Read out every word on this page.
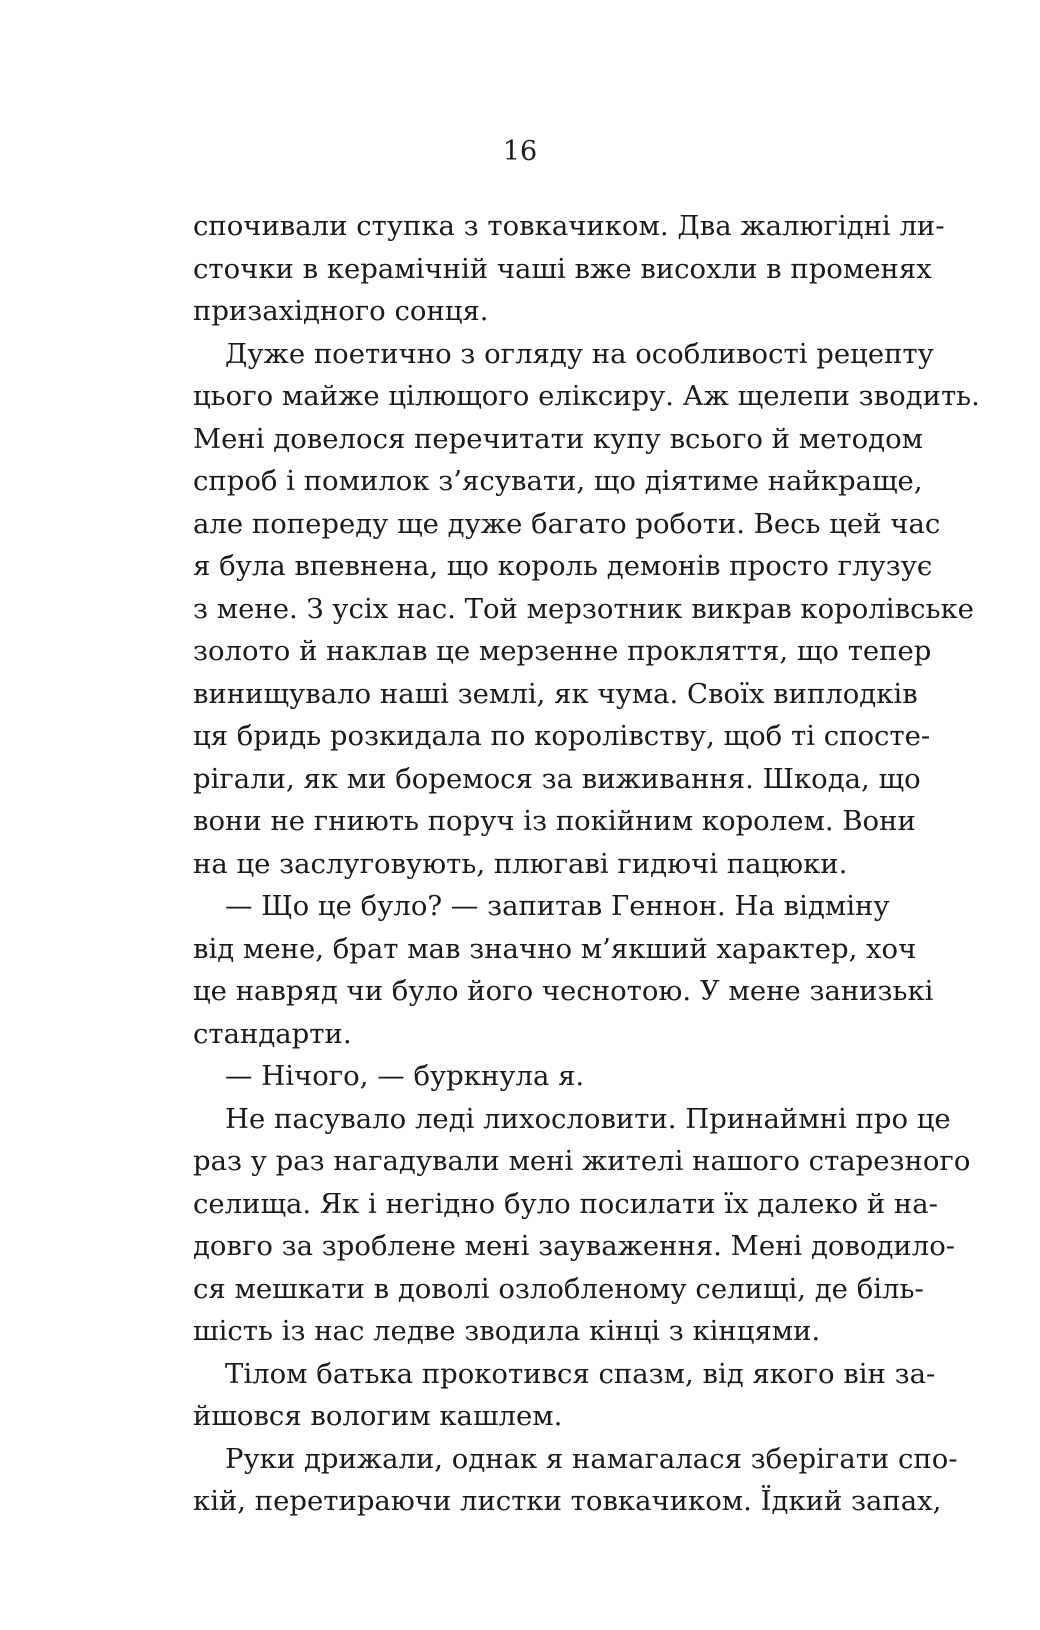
16
спочивали ступка з товкачиком. Два жалюгідні ли-
сточки в керамічній чаші вже висохли в променях
призахідного сонця.
Дуже поетично з огляду на особливості рецепту
цього майже цілющого еліксиру. Аж щелепи зводить.
Мені довелося перечитати купу всього й методом
спроб і помилок з’ясувати, що діятиме найкраще,
але попереду ще дуже багато роботи. Весь цей час
я була впевнена, що король демонів просто глузує
з мене. З усіх нас. Той мерзотник викрав королівське
золото й наклав це мерзенне прокляття, що тепер
винищувало наші землі, як чума. Своїх виплодків
ця бридь розкидала по королівству, щоб ті спосте-
рігали, як ми боремося за виживання. Шкода, що
вони не гниють поруч із покійним королем. Вони
на це заслуговують, плюгаві гидючі пацюки.
— Що це було? — запитав Геннон. На відміну
від мене, брат мав значно м’якший характер, хоч
це навряд чи було його чеснотою. У мене занизькі
стандарти.
— Нічого, — буркнула я.
Не пасувало леді лихословити. Принаймні про це
раз у раз нагадували мені жителі нашого старезного
селища. Як і негідно було посилати їх далеко й на-
довго за зроблене мені зауваження. Мені доводило-
ся мешкати в доволі озлобленому селищі, де біль-
шість із нас ледве зводила кінці з кінцями.
Тілом батька прокотився спазм, від якого він за-
йшовся вологим кашлем.
Руки дрижали, однак я намагалася зберігати спо-
кій, перетираючи листки товкачиком. Їдкий запах,
